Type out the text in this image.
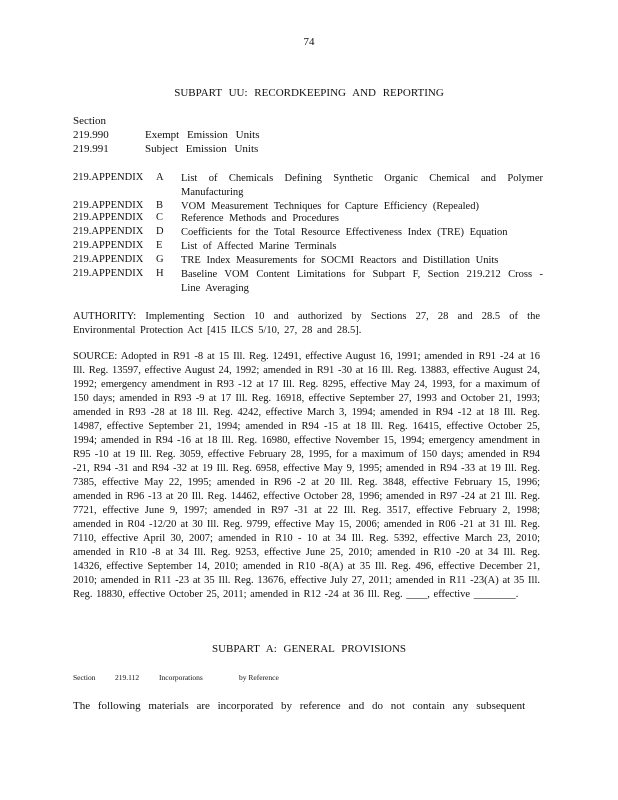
74
SUBPART UU: RECORDKEEPING AND REPORTING
Section
219.990	Exempt Emission Units
219.991	Subject Emission Units
219.APPENDIX A List of Chemicals Defining Synthetic Organic Chemical and Polymer Manufacturing
219.APPENDIX B VOM Measurement Techniques for Capture Efficiency (Repealed)
219.APPENDIX C Reference Methods and Procedures
219.APPENDIX D Coefficients for the Total Resource Effectiveness Index (TRE) Equation
219.APPENDIX E List of Affected Marine Terminals
219.APPENDIX G TRE Index Measurements for SOCMI Reactors and Distillation Units
219.APPENDIX H Baseline VOM Content Limitations for Subpart F, Section 219.212 Cross - Line Averaging
AUTHORITY: Implementing Section 10 and authorized by Sections 27, 28 and 28.5 of the Environmental Protection Act [415 ILCS 5/10, 27, 28 and 28.5].
SOURCE: Adopted in R91 -8 at 15 Ill. Reg. 12491, effective August 16, 1991; amended in R91 -24 at 16 Ill. Reg. 13597, effective August 24, 1992; amended in R91 -30 at 16 Ill. Reg. 13883, effective August 24, 1992; emergency amendment in R93 -12 at 17 Ill. Reg. 8295, effective May 24, 1993, for a maximum of 150 days; amended in R93 -9 at 17 Ill. Reg. 16918, effective September 27, 1993 and October 21, 1993; amended in R93 -28 at 18 Ill. Reg. 4242, effective March 3, 1994; amended in R94 -12 at 18 Ill. Reg. 14987, effective September 21, 1994; amended in R94 -15 at 18 Ill. Reg. 16415, effective October 25, 1994; amended in R94 -16 at 18 Ill. Reg. 16980, effective November 15, 1994; emergency amendment in R95 -10 at 19 Ill. Reg. 3059, effective February 28, 1995, for a maximum of 150 days; amended in R94 -21, R94 -31 and R94 -32 at 19 Ill. Reg. 6958, effective May 9, 1995; amended in R94 -33 at 19 Ill. Reg. 7385, effective May 22, 1995; amended in R96 -2 at 20 Ill. Reg. 3848, effective February 15, 1996; amended in R96 -13 at 20 Ill. Reg. 14462, effective October 28, 1996; amended in R97 -24 at 21 Ill. Reg. 7721, effective June 9, 1997; amended in R97 -31 at 22 Ill. Reg. 3517, effective February 2, 1998; amended in R04 -12/20 at 30 Ill. Reg. 9799, effective May 15, 2006; amended in R06 -21 at 31 Ill. Reg. 7110, effective April 30, 2007; amended in R10 - 10 at 34 Ill. Reg. 5392, effective March 23, 2010; amended in R10 -8 at 34 Ill. Reg. 9253, effective June 25, 2010; amended in R10 -20 at 34 Ill. Reg. 14326, effective September 14, 2010; amended in R10 -8(A) at 35 Ill. Reg. 496, effective December 21, 2010; amended in R11 -23 at 35 Ill. Reg. 13676, effective July 27, 2011; amended in R11 -23(A) at 35 Ill. Reg. 18830, effective October 25, 2011; amended in R12 -24 at 36 Ill. Reg. ____, effective ________.
SUBPART A: GENERAL PROVISIONS
Section	219.112	Incorporations	by Reference
The following materials are incorporated by reference and do not contain any subsequent
